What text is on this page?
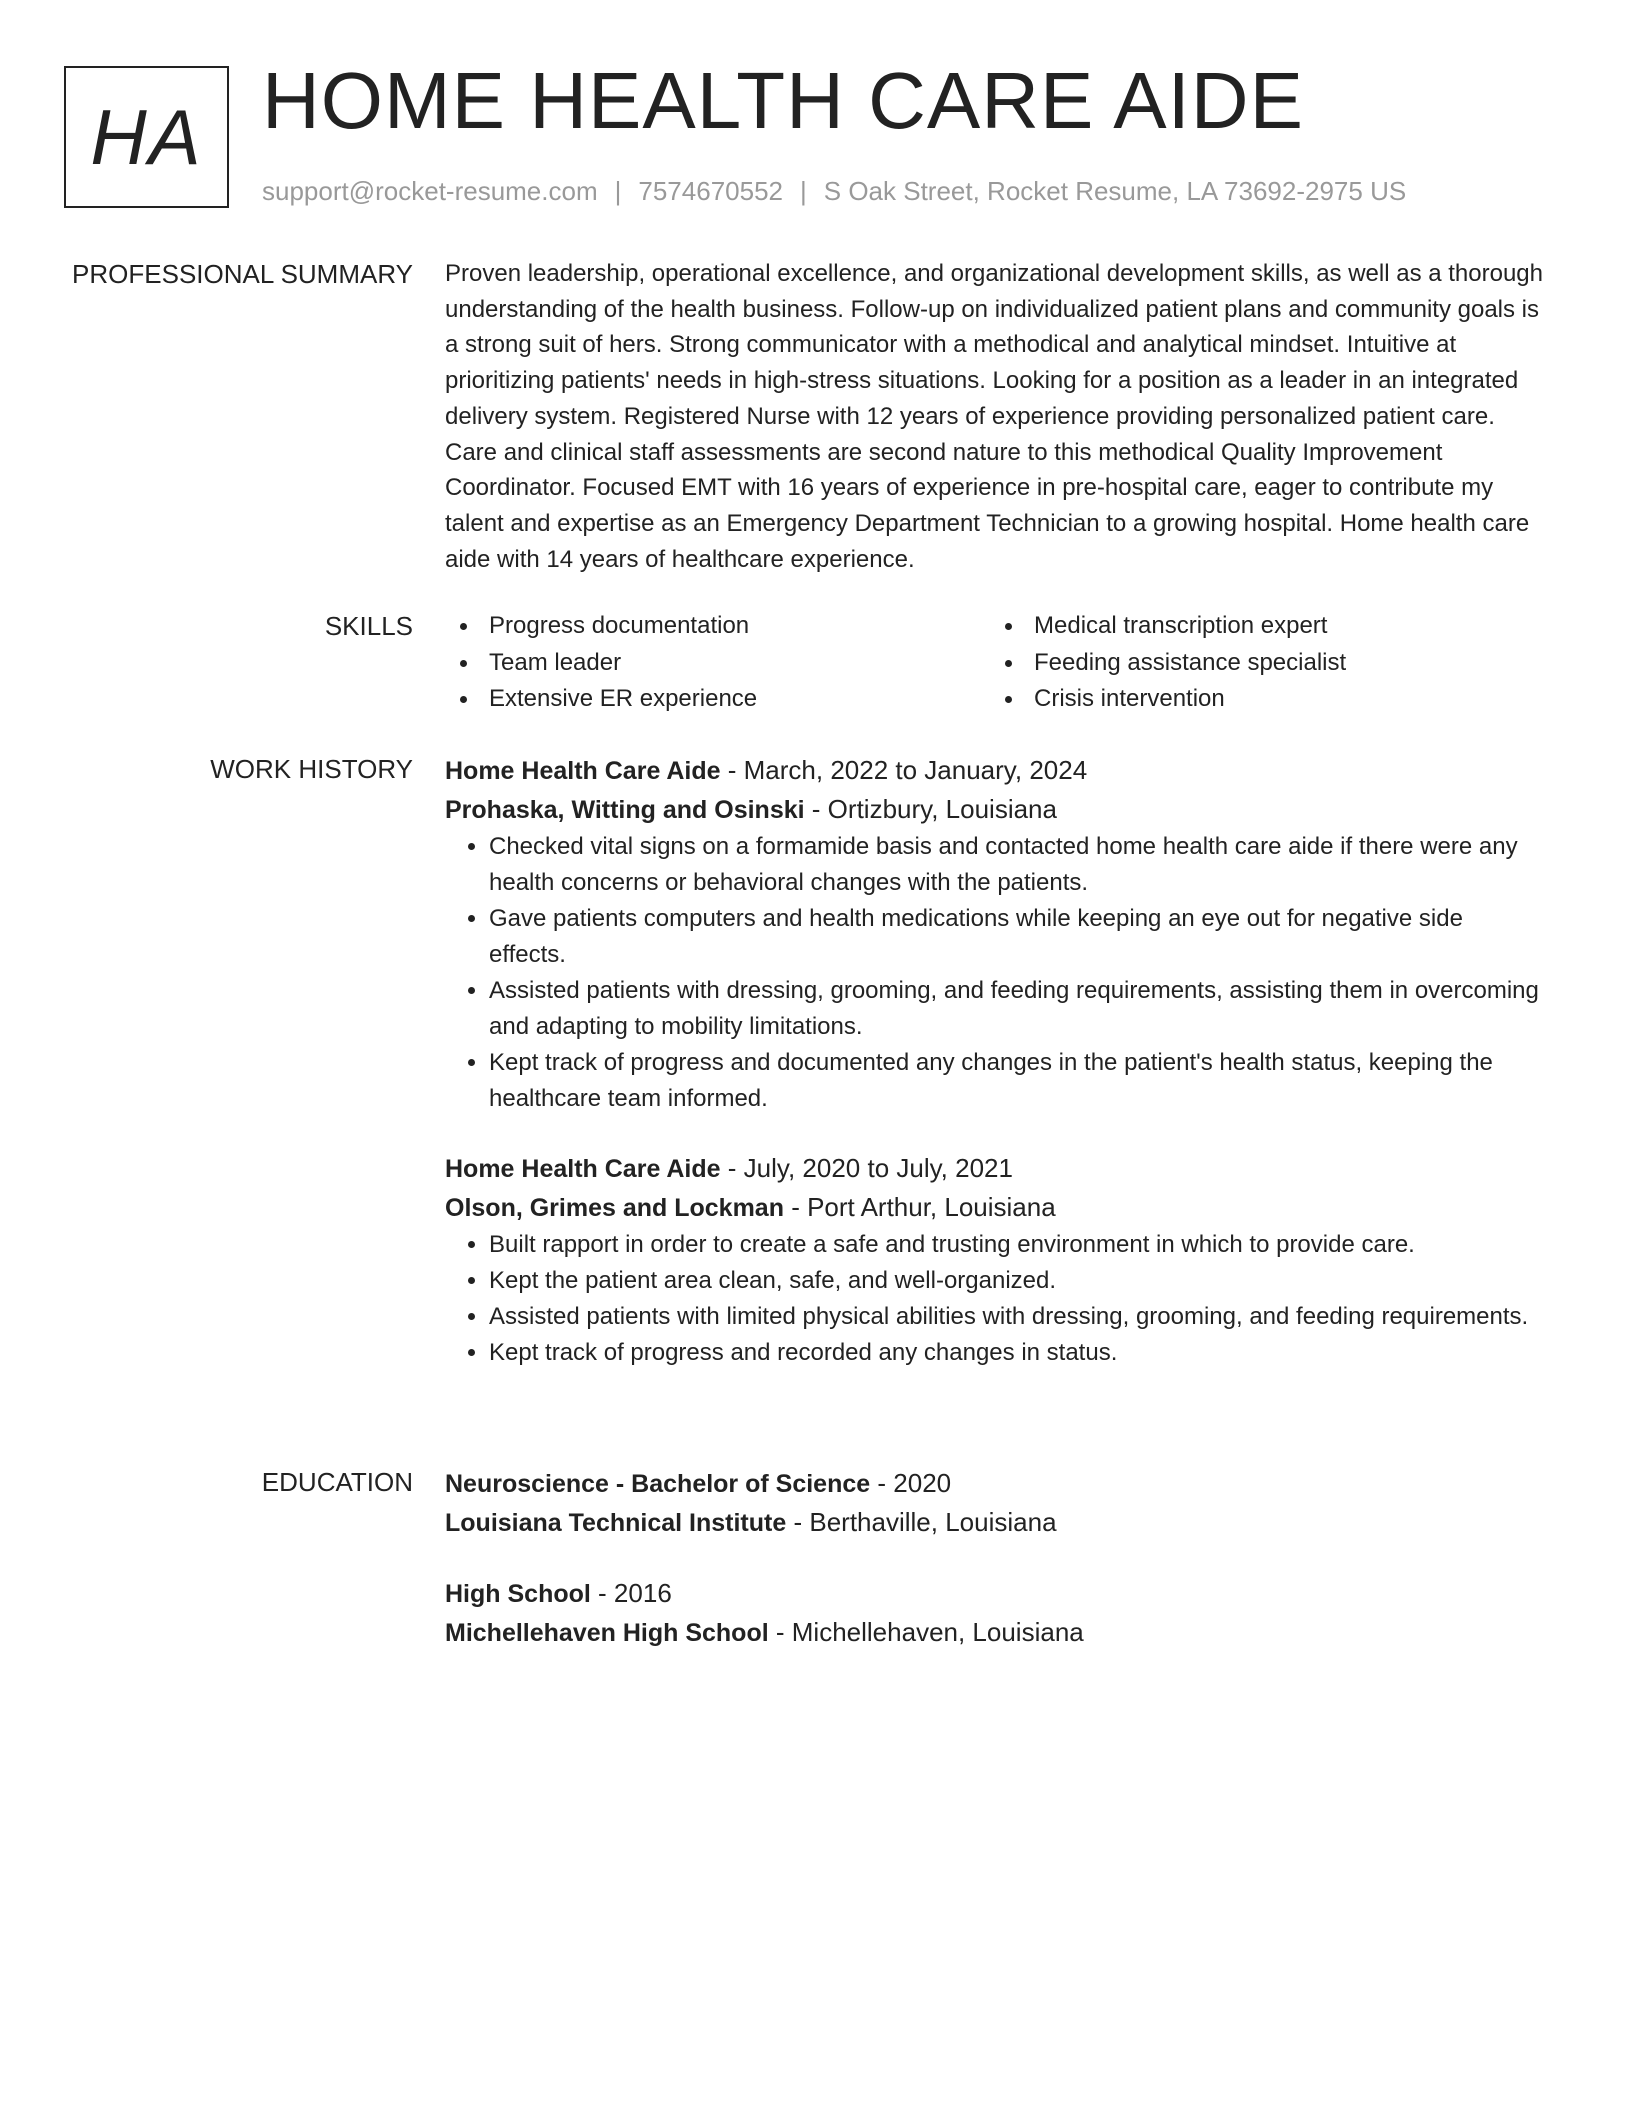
HA HOME HEALTH CARE AIDE
support@rocket-resume.com | 7574670552 | S Oak Street, Rocket Resume, LA 73692-2975 US
PROFESSIONAL SUMMARY Proven leadership, operational excellence, and organizational development skills, as well as a thorough understanding of the health business. Follow-up on individualized patient plans and community goals is a strong suit of hers. Strong communicator with a methodical and analytical mindset. Intuitive at prioritizing patients' needs in high-stress situations. Looking for a position as a leader in an integrated delivery system. Registered Nurse with 12 years of experience providing personalized patient care. Care and clinical staff assessments are second nature to this methodical Quality Improvement Coordinator. Focused EMT with 16 years of experience in pre-hospital care, eager to contribute my talent and expertise as an Emergency Department Technician to a growing hospital. Home health care aide with 14 years of healthcare experience.

SKILLS	Progress documentation	Medical transcription expert
Team leader	Feeding assistance specialist
Extensive ER experience	Crisis intervention
WORK HISTORY Home Health Care Aide - March, 2022 to January, 2024
Prohaska, Witting and Osinski - Ortizbury, Louisiana
• Checked vital signs on a formamide basis and contacted home health care aide if there were any health concerns or behavioral changes with the patients.
• Gave patients computers and health medications while keeping an eye out for negative side effects.
• Assisted patients with dressing, grooming, and feeding requirements, assisting them in overcoming and adapting to mobility limitations.
• Kept track of progress and documented any changes in the patient's health status, keeping the healthcare team informed.
Home Health Care Aide - July, 2020 to July, 2021
Olson, Grimes and Lockman - Port Arthur, Louisiana
• Built rapport in order to create a safe and trusting environment in which to provide care.
• Kept the patient area clean, safe, and well-organized.
• Assisted patients with limited physical abilities with dressing, grooming, and feeding requirements.
• Kept track of progress and recorded any changes in status.
EDUCATION Neuroscience - Bachelor of Science - 2020
Louisiana Technical Institute - Berthaville, Louisiana
High School - 2016
Michellehaven High School - Michellehaven, Louisiana
